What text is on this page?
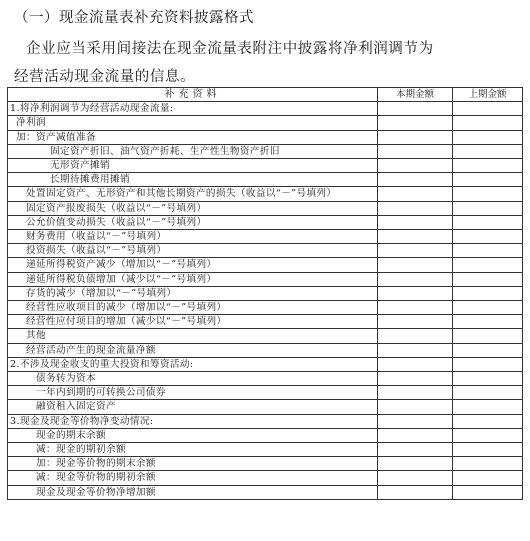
（一）现金流量表补充资料披露格式
企业应当采用间接法在现金流量表附注中披露将净利润调节为
经营活动现金流量的信息。
补充资料	本期金额	上期金额
1.将净利润调节为经营活动现金流量:		
净利润		
加：资产减值准备		
固定资产折旧、油气资产折耗、生产性生物资产折旧		
无形资产摊销		
长期待摊费用摊销		
处置固定资产、无形资产和其他长期资产的损失（收益以“－”号填列）		
固定资产报废损失（收益以“－”号填列）		
公允价值变动损失（收益以“－”号填列）		
财务费用（收益以“－”号填列）		
投资损失（收益以“－”号填列）		
递延所得税资产减少（增加以“－”号填列）		
递延所得税负债增加（减少以“－”号填列）		
存货的减少（增加以“－”号填列）		
经营性应收项目的减少（增加以“－”号填列）		
经营性应付项目的增加（减少以“－”号填列）		
其他		
经营活动产生的现金流量净额		
2.不涉及现金收支的重大投资和筹资活动:		
债务转为资本		
一年内到期的可转换公司债券		
融资租入固定资产		
3.现金及现金等价物净变动情况:		
现金的期末余额		
减：现金的期初余额		
加：现金等价物的期末余额		
减：现金等价物的期初余额		
现金及现金等价物净增加额		
